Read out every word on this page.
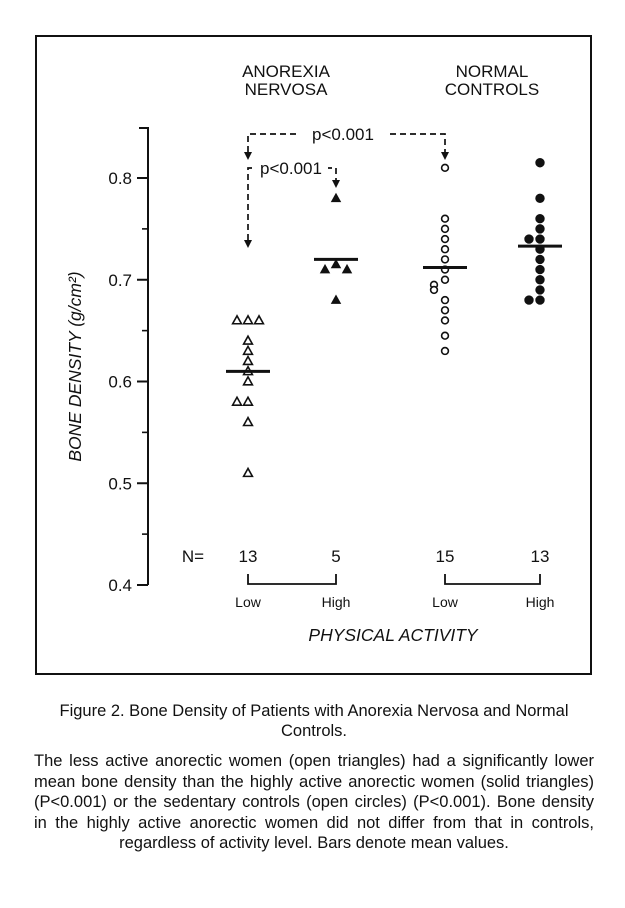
0.4
0.5
0.6
0.7
0.8
BONE DENSITY (g/cm²)
ANOREXIA
NERVOSA
NORMAL
CONTROLS
13	5	15	13
N=
Low	High	Low	High
PHYSICAL ACTIVITY
p<0.001
p<0.001
Figure 2. Bone Density of Patients with Anorexia Nervosa and Normal Controls.
The less active anorectic women (open triangles) had a significantly lower mean bone density than the highly active anorectic women (solid triangles) (P<0.001) or the sedentary controls (open circles) (P<0.001). Bone density in the highly active anorectic women did not differ from that in controls, regardless of activity level. Bars denote mean values.
